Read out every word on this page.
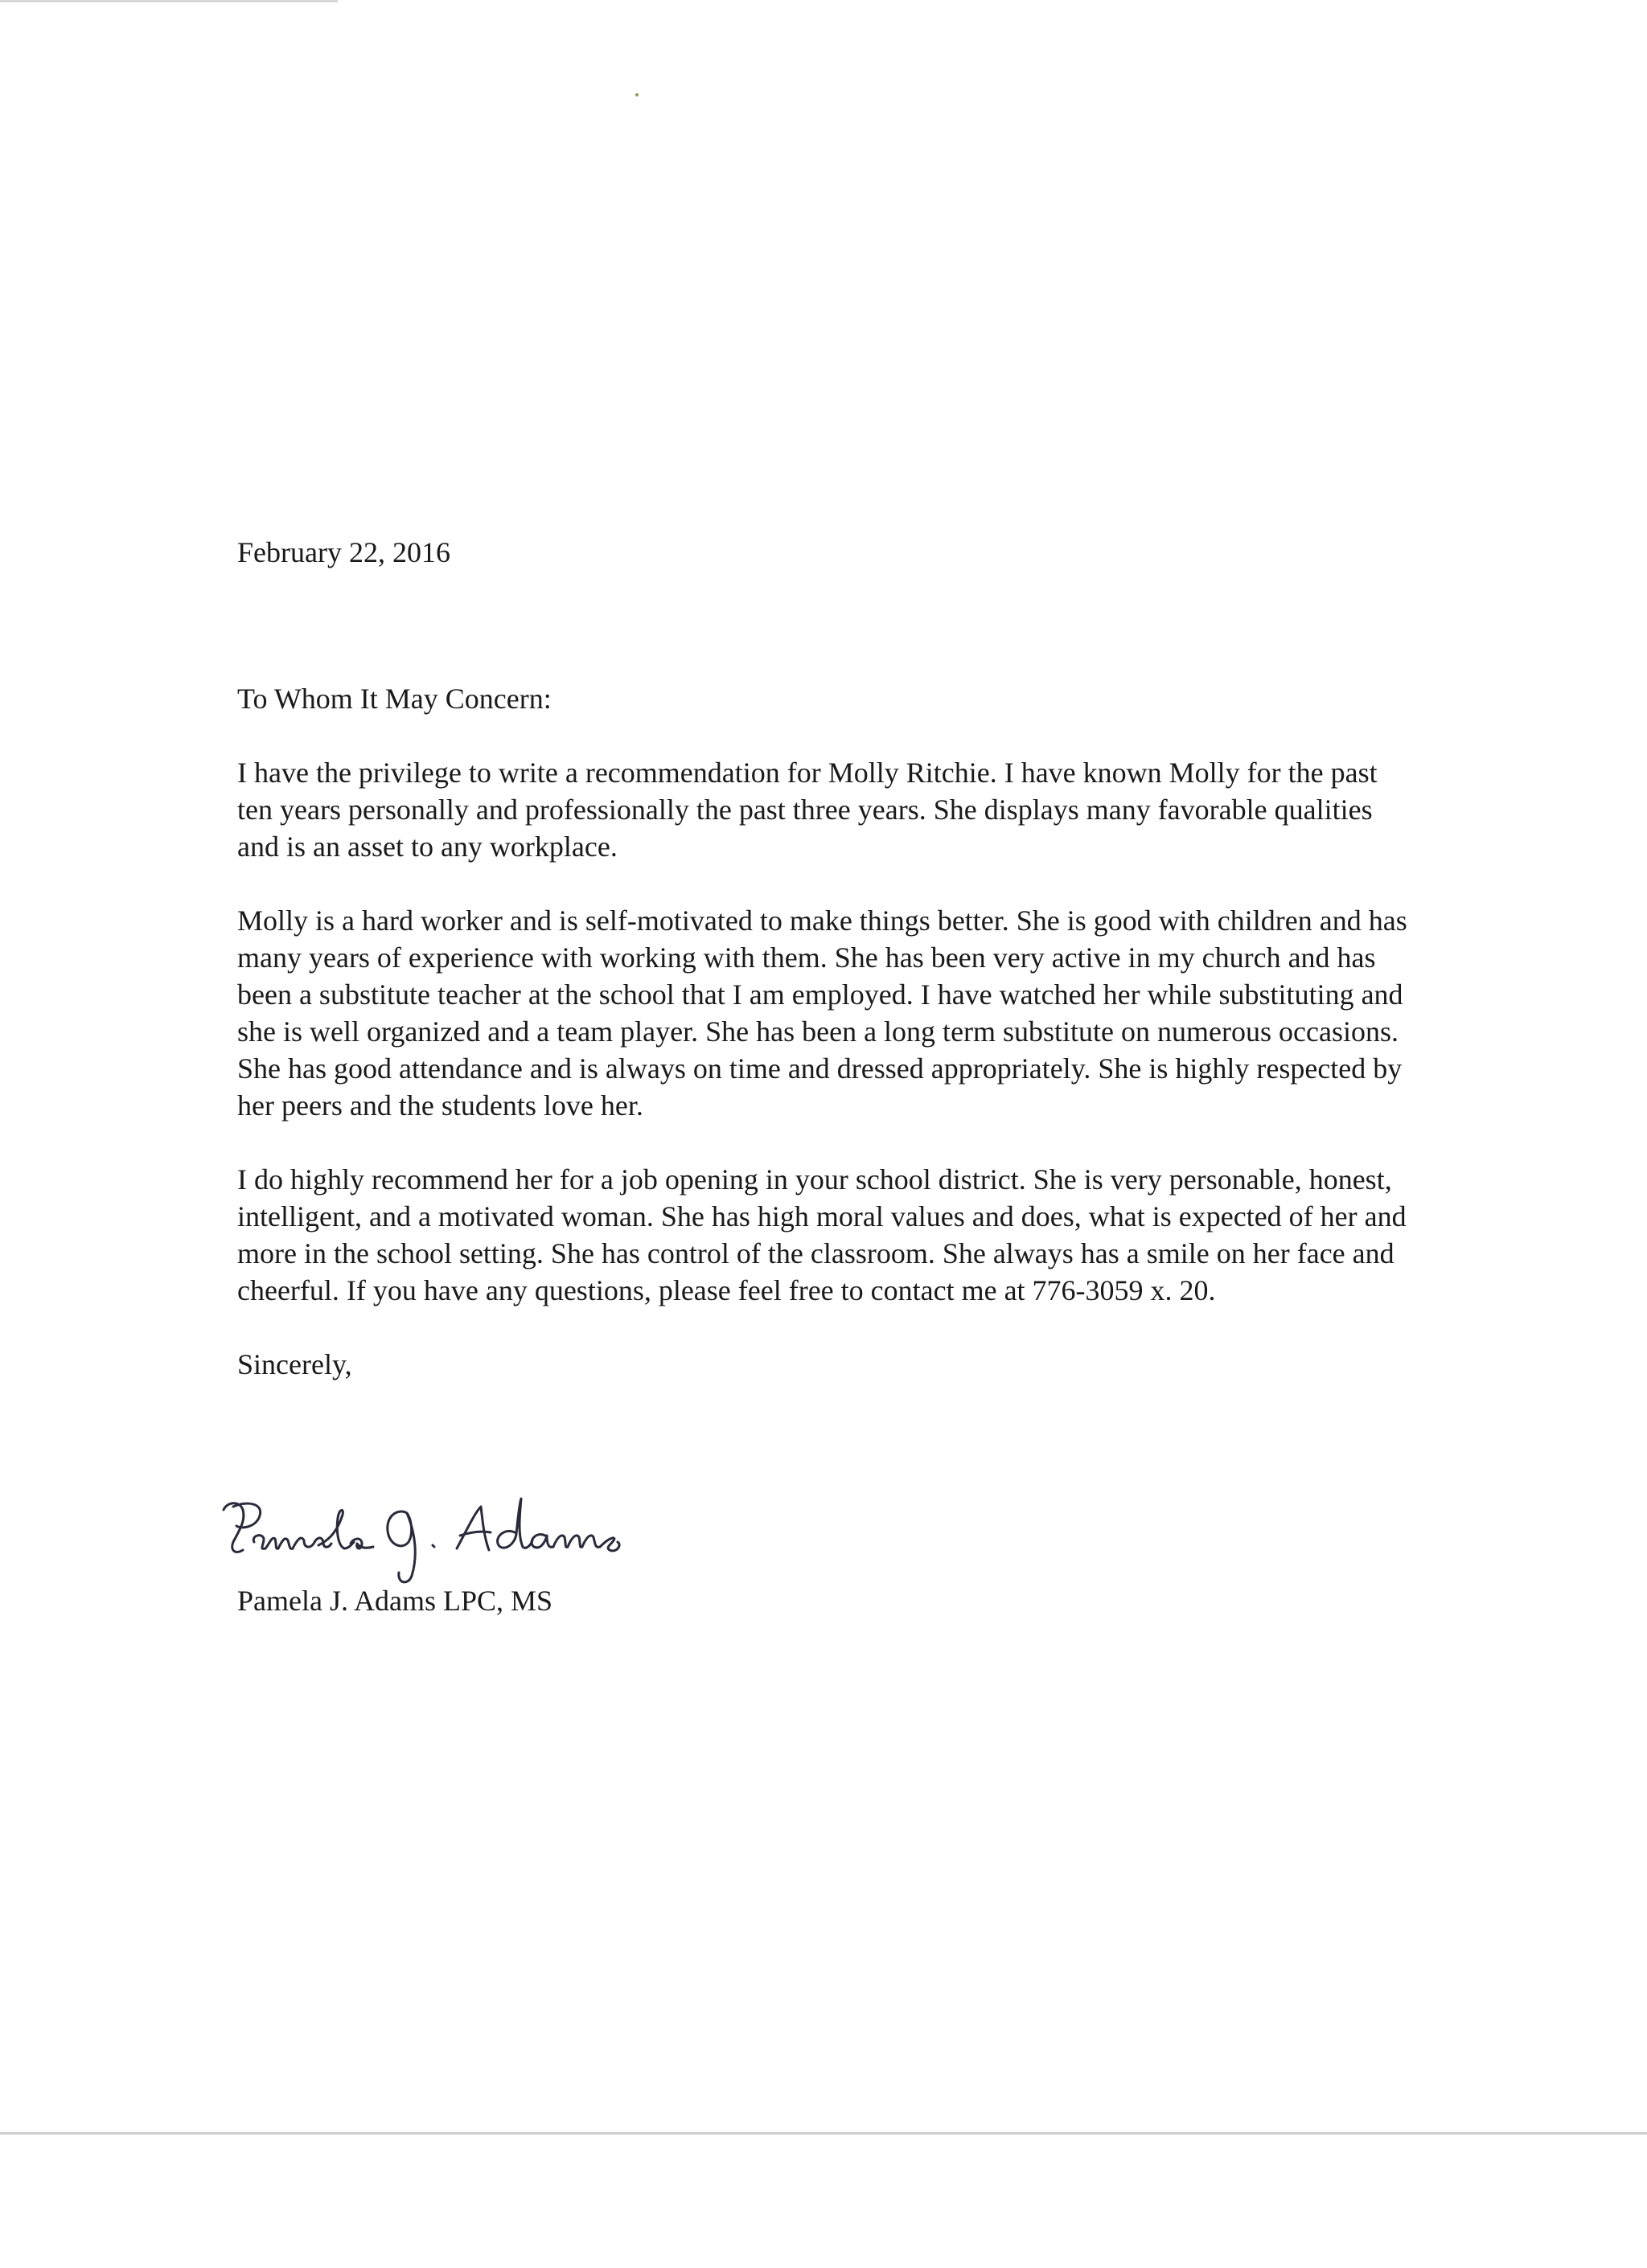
February 22, 2016

To Whom It May Concern:

I have the privilege to write a recommendation for Molly Ritchie. I have known Molly for the past ten years personally and professionally the past three years. She displays many favorable qualities and is an asset to any workplace.

Molly is a hard worker and is self-motivated to make things better. She is good with children and has many years of experience with working with them. She has been very active in my church and has been a substitute teacher at the school that I am employed. I have watched her while substituting and she is well organized and a team player. She has been a long term substitute on numerous occasions. She has good attendance and is always on time and dressed appropriately. She is highly respected by her peers and the students love her.

I do highly recommend her for a job opening in your school district. She is very personable, honest, intelligent, and a motivated woman. She has high moral values and does, what is expected of her and more in the school setting. She has control of the classroom. She always has a smile on her face and cheerful. If you have any questions, please feel free to contact me at 776-3059 x. 20.

Sincerely,

Pamela J. Adams LPC, MS
